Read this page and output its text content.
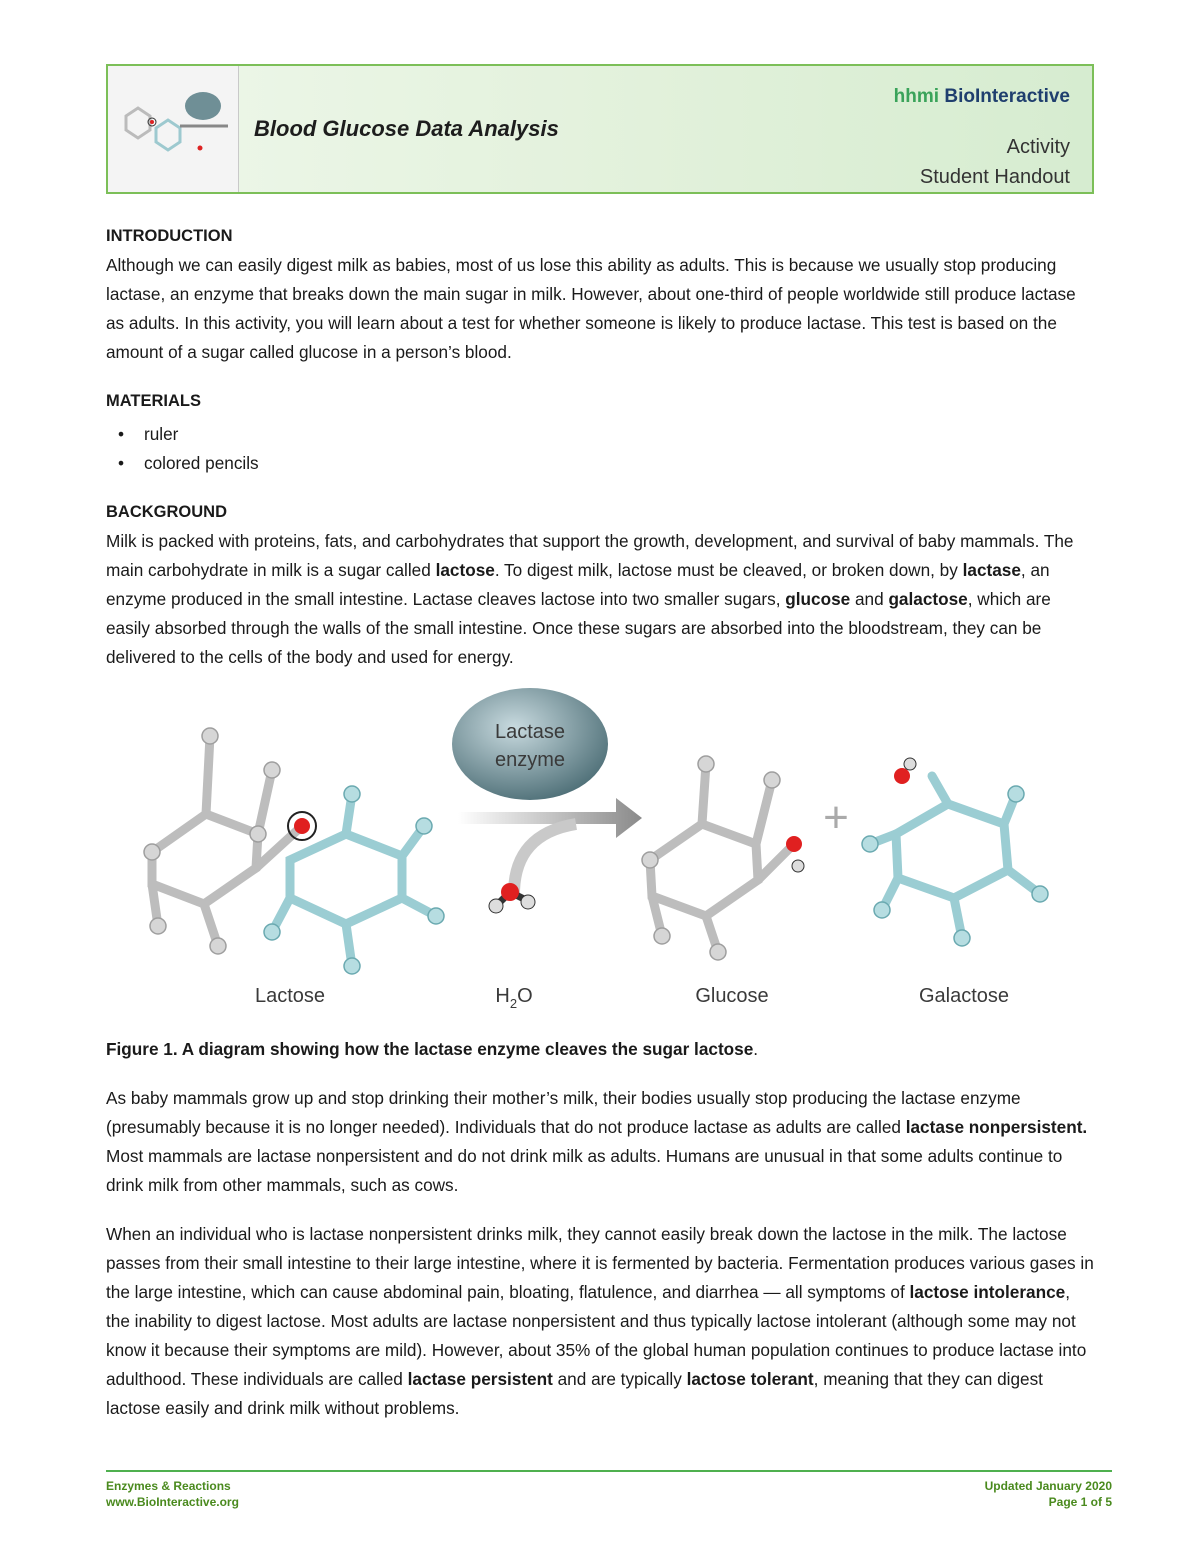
Blood Glucose Data Analysis
hhmi BioInteractive
Activity
Student Handout
INTRODUCTION

Although we can easily digest milk as babies, most of us lose this ability as adults. This is because we usually stop producing lactase, an enzyme that breaks down the main sugar in milk. However, about one-third of people worldwide still produce lactase as adults. In this activity, you will learn about a test for whether someone is likely to produce lactase. This test is based on the amount of a sugar called glucose in a person’s blood.

MATERIALS
• ruler
• colored pencils
BACKGROUND

Milk is packed with proteins, fats, and carbohydrates that support the growth, development, and survival of baby mammals. The main carbohydrate in milk is a sugar called lactose. To digest milk, lactose must be cleaved, or broken down, by lactase, an enzyme produced in the small intestine. Lactase cleaves lactose into two smaller sugars, glucose and galactose, which are easily absorbed through the walls of the small intestine. Once these sugars are absorbed into the bloodstream, they can be delivered to the cells of the body and used for energy.

Lactase
enzyme
+
Lactose	$H_2O$	Glucose	Galactose

Figure 1. A diagram showing how the lactase enzyme cleaves the sugar lactose.

As baby mammals grow up and stop drinking their mother’s milk, their bodies usually stop producing the lactase enzyme (presumably because it is no longer needed). Individuals that do not produce lactase as adults are called lactase nonpersistent. Most mammals are lactase nonpersistent and do not drink milk as adults. Humans are unusual in that some adults continue to drink milk from other mammals, such as cows.

When an individual who is lactase nonpersistent drinks milk, they cannot easily break down the lactose in the milk. The lactose passes from their small intestine to their large intestine, where it is fermented by bacteria. Fermentation produces various gases in the large intestine, which can cause abdominal pain, bloating, flatulence, and diarrhea — all symptoms of lactose intolerance, the inability to digest lactose. Most adults are lactase nonpersistent and thus typically lactose intolerant (although some may not know it because their symptoms are mild). However, about 35% of the global human population continues to produce lactase into adulthood. These individuals are called lactase persistent and are typically lactose tolerant, meaning that they can digest lactose easily and drink milk without problems.

Enzymes & Reactions
www.BioInteractive.org
Updated January 2020
Page 1 of 5
